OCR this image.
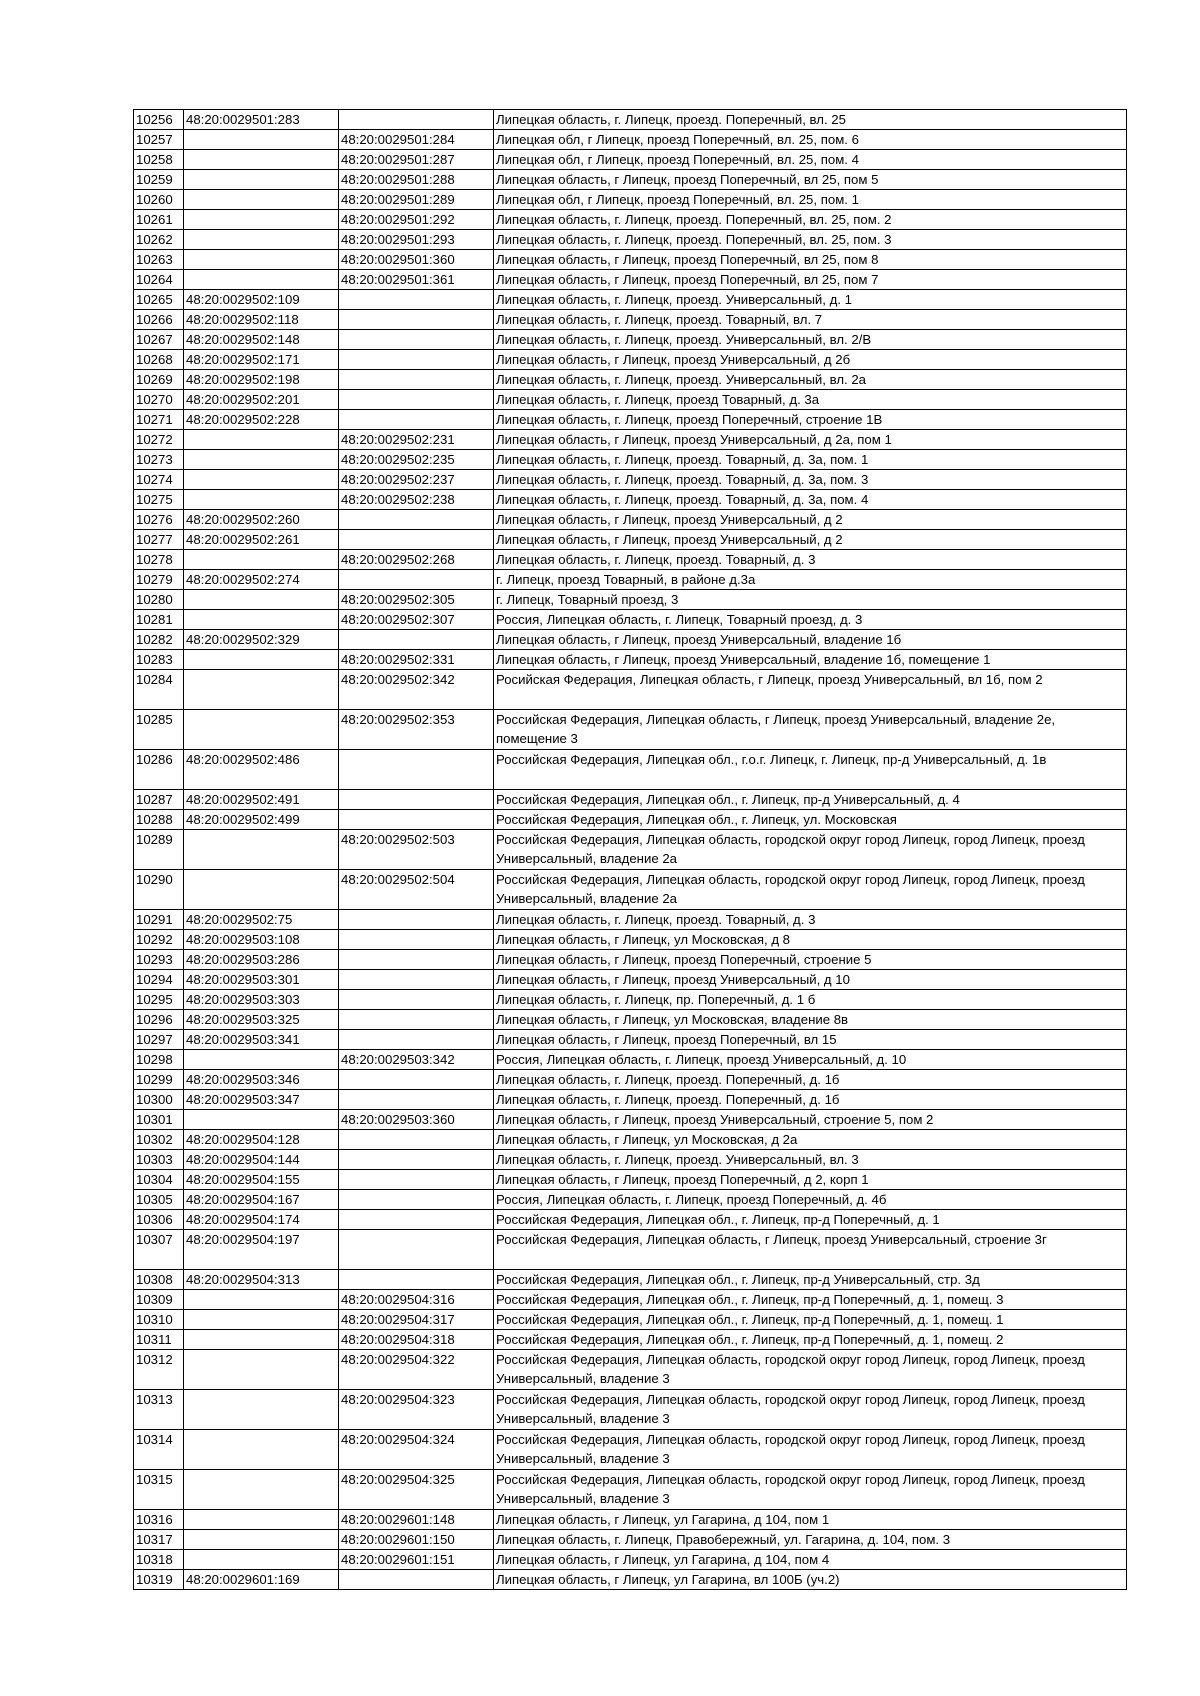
10256	48:20:0029501:283		Липецкая область, г. Липецк, проезд. Поперечный, вл. 25
10257		48:20:0029501:284	Липецкая обл, г Липецк, проезд Поперечный, вл. 25, пом. 6
10258		48:20:0029501:287	Липецкая обл, г Липецк, проезд Поперечный, вл. 25, пом. 4
10259		48:20:0029501:288	Липецкая область, г Липецк, проезд Поперечный, вл 25, пом 5
10260		48:20:0029501:289	Липецкая обл, г Липецк, проезд Поперечный, вл. 25, пом. 1
10261		48:20:0029501:292	Липецкая область, г. Липецк, проезд. Поперечный, вл. 25, пом. 2
10262		48:20:0029501:293	Липецкая область, г. Липецк, проезд. Поперечный, вл. 25, пом. 3
10263		48:20:0029501:360	Липецкая область, г Липецк, проезд Поперечный, вл 25, пом 8
10264		48:20:0029501:361	Липецкая область, г Липецк, проезд Поперечный, вл 25, пом 7
10265	48:20:0029502:109		Липецкая область, г. Липецк, проезд. Универсальный, д. 1
10266	48:20:0029502:118		Липецкая область, г. Липецк, проезд. Товарный, вл. 7
10267	48:20:0029502:148		Липецкая область, г. Липецк, проезд. Универсальный, вл. 2/В
10268	48:20:0029502:171		Липецкая область, г Липецк, проезд Универсальный, д 2б
10269	48:20:0029502:198		Липецкая область, г. Липецк, проезд. Универсальный, вл. 2а
10270	48:20:0029502:201		Липецкая область, г. Липецк, проезд Товарный, д. 3а
10271	48:20:0029502:228		Липецкая область, г. Липецк, проезд Поперечный, строение 1В
10272		48:20:0029502:231	Липецкая область, г Липецк, проезд Универсальный, д 2а, пом 1
10273		48:20:0029502:235	Липецкая область, г. Липецк, проезд. Товарный, д. 3а, пом. 1
10274		48:20:0029502:237	Липецкая область, г. Липецк, проезд. Товарный, д. 3а, пом. 3
10275		48:20:0029502:238	Липецкая область, г. Липецк, проезд. Товарный, д. 3а, пом. 4
10276	48:20:0029502:260		Липецкая область, г Липецк, проезд Универсальный, д 2
10277	48:20:0029502:261		Липецкая область, г Липецк, проезд Универсальный, д 2
10278		48:20:0029502:268	Липецкая область, г. Липецк, проезд. Товарный, д. 3
10279	48:20:0029502:274		г. Липецк, проезд Товарный, в районе д.3а
10280		48:20:0029502:305	г. Липецк, Товарный проезд, 3
10281		48:20:0029502:307	Россия, Липецкая область, г. Липецк, Товарный проезд, д. 3
10282	48:20:0029502:329		Липецкая область, г Липецк, проезд Универсальный, владение 1б
10283		48:20:0029502:331	Липецкая область, г Липецк, проезд Универсальный, владение 1б, помещение 1
10284		48:20:0029502:342	Росийская Федерация, Липецкая область, г Липецк, проезд Универсальный, вл 1б, пом 2
10285		48:20:0029502:353	Российская Федерация, Липецкая область, г Липецк, проезд Универсальный, владение 2е, помещение 3
10286	48:20:0029502:486		Российская Федерация, Липецкая обл., г.о.г. Липецк, г. Липецк, пр-д Универсальный, д. 1в
10287	48:20:0029502:491		Российская Федерация, Липецкая обл., г. Липецк, пр-д Универсальный, д. 4
10288	48:20:0029502:499		Российская Федерация, Липецкая обл., г. Липецк, ул. Московская
10289		48:20:0029502:503	Российская Федерация, Липецкая область, городской округ город Липецк, город Липецк, проезд Универсальный, владение 2а
10290		48:20:0029502:504	Российская Федерация, Липецкая область, городской округ город Липецк, город Липецк, проезд Универсальный, владение 2а
10291	48:20:0029502:75		Липецкая область, г. Липецк, проезд. Товарный, д. 3
10292	48:20:0029503:108		Липецкая область, г Липецк, ул Московская, д 8
10293	48:20:0029503:286		Липецкая область, г Липецк, проезд Поперечный, строение 5
10294	48:20:0029503:301		Липецкая область, г Липецк, проезд Универсальный, д 10
10295	48:20:0029503:303		Липецкая область, г. Липецк, пр. Поперечный, д. 1 б
10296	48:20:0029503:325		Липецкая область, г Липецк, ул Московская, владение 8в
10297	48:20:0029503:341		Липецкая область, г Липецк, проезд Поперечный, вл 15
10298		48:20:0029503:342	Россия, Липецкая область, г. Липецк, проезд Универсальный, д. 10
10299	48:20:0029503:346		Липецкая область, г. Липецк, проезд. Поперечный, д. 1б
10300	48:20:0029503:347		Липецкая область, г. Липецк, проезд. Поперечный, д. 1б
10301		48:20:0029503:360	Липецкая область, г Липецк, проезд Универсальный, строение 5, пом 2
10302	48:20:0029504:128		Липецкая область, г Липецк, ул Московская, д 2а
10303	48:20:0029504:144		Липецкая область, г. Липецк, проезд. Универсальный, вл. 3
10304	48:20:0029504:155		Липецкая область, г Липецк, проезд Поперечный, д 2, корп 1
10305	48:20:0029504:167		Россия, Липецкая область, г. Липецк, проезд Поперечный, д. 4б
10306	48:20:0029504:174		Российская Федерация, Липецкая обл., г. Липецк, пр-д Поперечный, д. 1
10307	48:20:0029504:197		Российская Федерация, Липецкая область, г Липецк, проезд Универсальный, строение 3г
10308	48:20:0029504:313		Российская Федерация, Липецкая обл., г. Липецк, пр-д Универсальный, стр. 3д
10309		48:20:0029504:316	Российская Федерация, Липецкая обл., г. Липецк, пр-д Поперечный, д. 1, помещ. 3
10310		48:20:0029504:317	Российская Федерация, Липецкая обл., г. Липецк, пр-д Поперечный, д. 1, помещ. 1
10311		48:20:0029504:318	Российская Федерация, Липецкая обл., г. Липецк, пр-д Поперечный, д. 1, помещ. 2
10312		48:20:0029504:322	Российская Федерация, Липецкая область, городской округ город Липецк, город Липецк, проезд Универсальный, владение 3
10313		48:20:0029504:323	Российская Федерация, Липецкая область, городской округ город Липецк, город Липецк, проезд Универсальный, владение 3
10314		48:20:0029504:324	Российская Федерация, Липецкая область, городской округ город Липецк, город Липецк, проезд Универсальный, владение 3
10315		48:20:0029504:325	Российская Федерация, Липецкая область, городской округ город Липецк, город Липецк, проезд Универсальный, владение 3
10316		48:20:0029601:148	Липецкая область, г Липецк, ул Гагарина, д 104, пом 1
10317		48:20:0029601:150	Липецкая область, г. Липецк, Правобережный, ул. Гагарина, д. 104, пом. 3
10318		48:20:0029601:151	Липецкая область, г Липецк, ул Гагарина, д 104, пом 4
10319	48:20:0029601:169		Липецкая область, г Липецк, ул Гагарина, вл 100Б (уч.2)
